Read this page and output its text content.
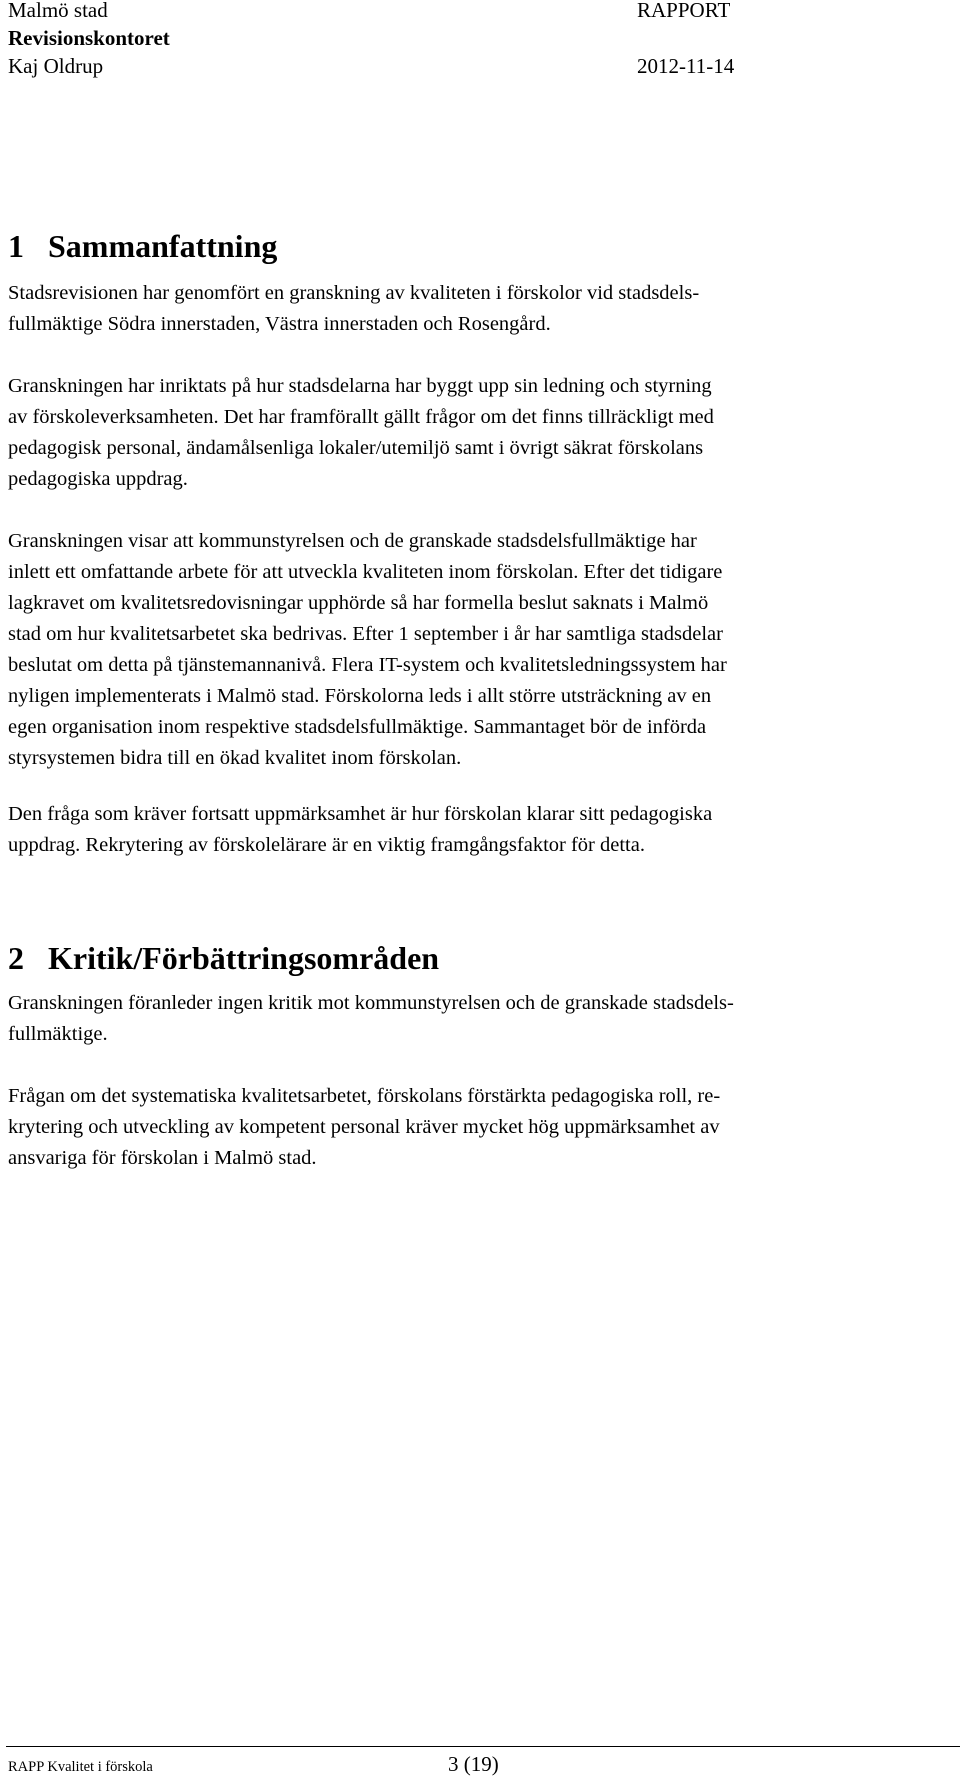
Malmö stad
Revisionskontoret
Kaj Oldrup
RAPPORT
2012-11-14
1 Sammanfattning
Stadsrevisionen har genomfört en granskning av kvaliteten i förskolor vid stadsdels-
fullmäktige Södra innerstaden, Västra innerstaden och Rosengård.
Granskningen har inriktats på hur stadsdelarna har byggt upp sin ledning och styrning
av förskoleverksamheten. Det har framförallt gällt frågor om det finns tillräckligt med
pedagogisk personal, ändamålsenliga lokaler/utemiljö samt i övrigt säkrat förskolans
pedagogiska uppdrag.
Granskningen visar att kommunstyrelsen och de granskade stadsdelsfullmäktige har
inlett ett omfattande arbete för att utveckla kvaliteten inom förskolan. Efter det tidigare
lagkravet om kvalitetsredovisningar upphörde så har formella beslut saknats i Malmö
stad om hur kvalitetsarbetet ska bedrivas. Efter 1 september i år har samtliga stadsdelar
beslutat om detta på tjänstemannanivå. Flera IT-system och kvalitetsledningssystem har
nyligen implementerats i Malmö stad. Förskolorna leds i allt större utsträckning av en
egen organisation inom respektive stadsdelsfullmäktige. Sammantaget bör de införda
styrsystemen bidra till en ökad kvalitet inom förskolan.
Den fråga som kräver fortsatt uppmärksamhet är hur förskolan klarar sitt pedagogiska
uppdrag. Rekrytering av förskolelärare är en viktig framgångsfaktor för detta.
2 Kritik/Förbättringsområden
Granskningen föranleder ingen kritik mot kommunstyrelsen och de granskade stadsdels-
fullmäktige.
Frågan om det systematiska kvalitetsarbetet, förskolans förstärkta pedagogiska roll, re-
krytering och utveckling av kompetent personal kräver mycket hög uppmärksamhet av
ansvariga för förskolan i Malmö stad.
RAPP Kvalitet i förskola	3 (19)
